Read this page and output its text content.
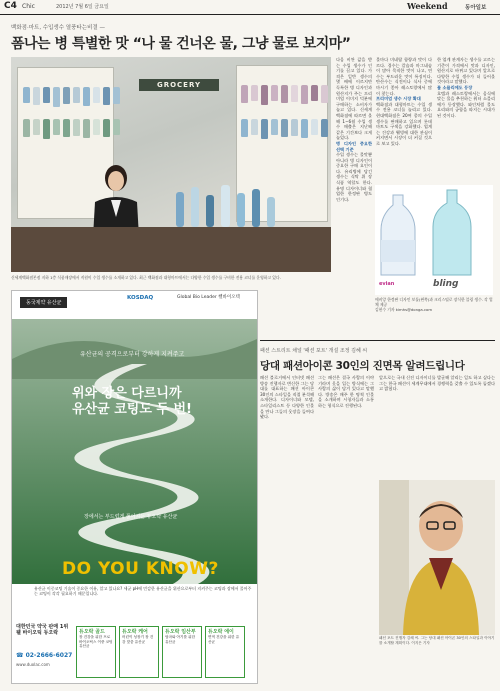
C4 Chic	2012년 7월 6일 금요일	Weekend	동아일보
백화점·마트, 수입생수 열풍타는비결 —
폼나는 병 특별한 맛 “나 물 건너온 물, 그냥 물로 보지마”
GROCERY
신세계백화점본점 지하 1층 식품매장에서 직원이 수입 생수를 소개하고 있다. 최근 백화점과 대형마트에서는 다양한 수입 생수를 구비한 전용 코너를 운영하고 있다.
다음 비싼 값을 받는 수입 생수가 인기를 끌고 있다. 가격은 일반 생수의 몇 배에 이르지만 독특한 병 디자인과 원산지가 주는 프리미엄 이미지 덕분에 구매하는 소비자가 늘고 있다. 신세계백화점에 따르면 올해 1∼6월 수입 생수 매출은 지난해 같은 기간보다 크게 늘었다.
병 디자인 중요한 선택 기준
수입 생수는 물맛뿐 아니라 병 디자인이 중요한 구매 요인이다. 유리병에 담긴 생수는 식탁 위 장식품 역할도 한다. 유명 디자이너와 협업한 한정판 병도 인기다.
물마다 미네랄 함량과 맛이 다르다. 경수는 칼슘과 마그네슘이 많아 묵직한 맛이 나고, 연수는 부드러운 맛이 특징이다. 탄산수는 식전이나 식사 중에 마시기 좋아 레스토랑에서 많이 찾는다.
프리미엄 생수 시장 확대
백화점과 대형마트는 수입 생수 전용 코너를 늘리고 있다. 현대백화점은 20여 종의 수입 생수를 판매하고 있으며 롯데마트도 구색을 강화했다. 업계는 건강과 웰빙에 대한 관심이 커지면서 시장이 더 커질 것으로 보고 있다.
한 업계 관계자는 생수를 고르는 기준이 가격에서 맛과 디자인, 원산지로 바뀌고 있다며 앞으로 다양한 수입 생수가 더 들어올 것이라고 말했다.
물 소믈리에도 등장
호텔과 레스토랑에서는 음식에 맞는 물을 추천하는 워터 소믈리에가 등장했다. 와인처럼 물도 요리와의 궁합을 따지는 시대가 된 것이다.
evian	bling
에비앙 한정판 디자인 보틀(왼쪽)과 크리스털로 장식한 블링 생수. 각 업체 제공
김현수 기자 kimhs@donga.com
동국제약 유산균
KOSDAQ	Global Bio Leader 쎌바이오텍
유산균의 공격으로부터 강하게 지켜주고
위와 장은 다르니까
유산균 코팅도 두 번!
장에서는 부드럽게 풀어지는 듀오락 유산균
DO YOU KNOW?
유산균 이중코팅 기술이 중요한 이유, 알고 있나요? 세균 pH에 민감한 유산균을 위산으로부터 지켜주는 코팅과 장에서 풀어주는 코팅이 각각 필요하기 때문입니다.
대한민국 약국 판매 1위 웰 바이오틱 듀오락
☎ 02-2666-6027
www.duolac.com
듀오락 골드
장 건강을 위한 프로바이오틱스 이중 코팅 유산균
듀오락 케어
어린이 성장기 장 건강 맞춤 유산균
듀오락 임산부
엄마와 아기를 위한 유산균
듀오락 에이
면역 건강을 위한 유산균
패션 스트리트 채널 '패션 포트' 개설 조정 김혜 씨
당대 패션아이콘 30인의 진면목 알려드립니다
패션 블로거에서 인터넷 패션 방송 진행자로 변신한 그는 당대를 대표하는 패션 아이콘 30인의 스타일을 직접 분석해 소개한다. 디자이너와 모델, 스타일리스트 등 다양한 인물을 만나 그들의 옷장을 들여다봤다.
그는 패션은 결국 사람의 이야기라며 옷을 입는 방식에는 그 사람의 삶이 담겨 있다고 말했다. 방송은 매주 한 명씩 인물을 소개하며 시청자들과 소통하는 형식으로 진행된다.
앞으로는 국내 신진 디자이너를 발굴해 알리는 일도 하고 싶다는 그는 한국 패션이 세계무대에서 경쟁력을 갖출 수 있도록 돕겠다고 밝혔다.
패션 포트 진행자 김혜 씨. 그는 당대 패션 아이콘 30인의 스타일과 이야기를 소개할 계획이다. 이지은 기자
